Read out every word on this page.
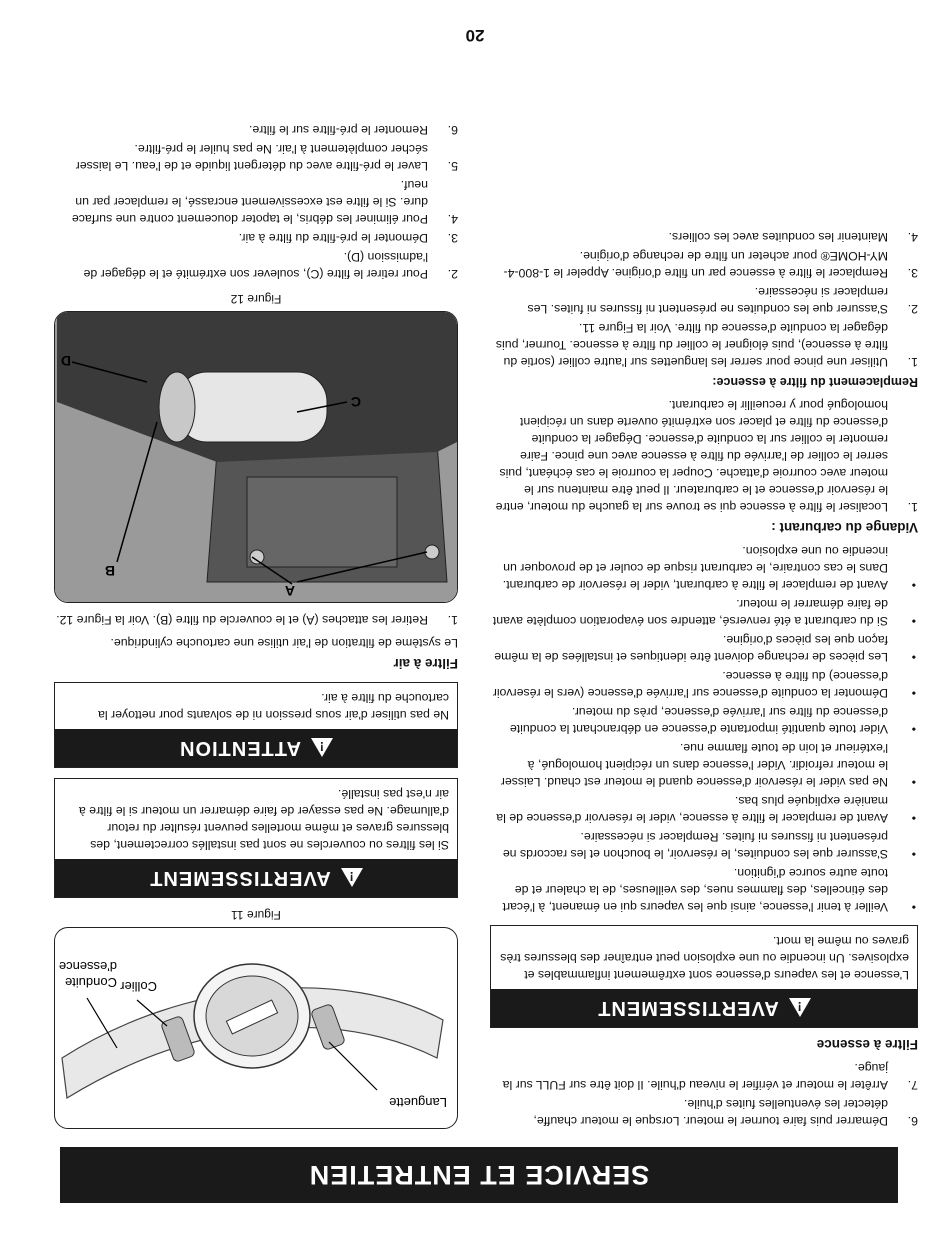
SERVICE ET ENTRETIEN
6.
Démarrer puis faire tourner le moteur. Lorsque le moteur chauffe, détecter les éventuelles fuites d'huile.
7.
Arrêter le moteur et vérifier le niveau d'huile. Il doit être sur FULL sur la jauge.
Filtre à essence
!
AVERTISSEMENT
L'essence et les vapeurs d'essence sont extrêmement inflammables et explosives. Un incendie ou une explosion peut entraîner des blessures très graves ou même la mort.
•
Veiller à tenir l'essence, ainsi que les vapeurs qui en émanent, à l'écart des étincelles, des flammes nues, des veilleuses, de la chaleur et de toute autre source d'ignition.
•
S'assurer que les conduites, le réservoir, le bouchon et les raccords ne présentent ni fissures ni fuites. Remplacer si nécessaire.
•
Avant de remplacer le filtre à essence, vider le réservoir d'essence de la manière expliquée plus bas.
•
Ne pas vider le réservoir d'essence quand le moteur est chaud. Laisser le moteur refroidir. Vider l'essence dans un récipient homologué, à l'extérieur et loin de toute flamme nue.
•
Vider toute quantité importante d'essence en débranchant la conduite d'essence du filtre sur l'arrivée d'essence, près du moteur.
•
Démonter la conduite d'essence sur l'arrivée d'essence (vers le réservoir d'essence) du filtre à essence.
•
Les pièces de rechange doivent être identiques et installées de la même façon que les pièces d'origine.
•
Si du carburant a été renversé, attendre son évaporation complète avant de faire démarrer le moteur.
•
Avant de remplacer le filtre à carburant, vider le réservoir de carburant. Dans le cas contraire, le carburant risque de couler et de provoquer un incendie ou une explosion.
Vidange du carburant :
1.
Localiser le filtre à essence qui se trouve sur la gauche du moteur, entre le réservoir d'essence et le carburateur. Il peut être maintenu sur le moteur avec courroie d'attache. Couper la courroie le cas échéant, puis serrer le collier de l'arrivée du filtre à essence avec une pince. Faire remonter le collier sur la conduite d'essence. Dégager la conduite d'essence du filtre et placer son extrémité ouverte dans un récipient homologué pour y recueillir le carburant.
Remplacement du filtre à essence:
1.
Utiliser une pince pour serrer les languettes sur l'autre collier (sortie du filtre à essence), puis éloigner le collier du filtre à essence. Tourner, puis dégager la conduite d'essence du filtre. Voir la Figure 11.
2.
S'assurer que les conduites ne présentent ni fissures ni fuites. Les remplacer si nécessaire.
3.
Remplacer le filtre à essence par un filtre d'origine. Appeler le 1-800-4-MY-HOME® pour acheter un filtre de rechange d'origine.
4.
Maintenir les conduites avec les colliers.
Languette
Collier
Conduite
d'essence
Figure 11
!
AVERTISSEMENT
Si les filtres ou couvercles ne sont pas installés correctement, des blessures graves et même mortelles peuvent résulter du retour d'allumage. Ne pas essayer de faire démarrer un moteur si le filtre à air n'est pas installé.
!
ATTENTION
Ne pas utiliser d'air sous pression ni de solvants pour nettoyer la cartouche du filtre à air.
Filtre à air

Le système de filtration de l'air utilise une cartouche cylindrique.

1.
Retirer les attaches (A) et le couvercle du filtre (B). Voir la Figure 12.
A
B
C
D
Figure 12
2.
Pour retirer le filtre (C), soulever son extrémité et le dégager de l'admission (D).
3.
Démonter le pré-filtre du filtre à air.
4.
Pour éliminer les débris, le tapoter doucement contre une surface dure. Si le filtre est excessivement encrassé, le remplacer par un neuf.
5.
Laver le pré-filtre avec du détergent liquide et de l'eau. Le laisser sécher complètement à l'air. Ne pas huiler le pré-filtre.
6.
Remonter le pré-filtre sur le filtre.
20
